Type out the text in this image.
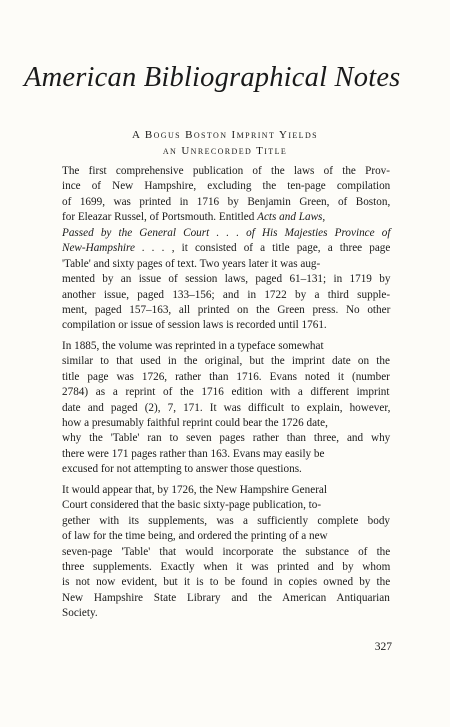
American Bibliographical Notes
A Bogus Boston Imprint Yields
an Unrecorded Title
The first comprehensive publication of the laws of the Prov-
ince of New Hampshire, excluding the ten-page compilation
of 1699, was printed in 1716 by Benjamin Green, of Boston,
for Eleazar Russel, of Portsmouth. Entitled Acts and Laws,
Passed by the General Court . . . of His Majesties Province of
New-Hampshire . . . , it consisted of a title page, a three page
'Table' and sixty pages of text. Two years later it was aug-
mented by an issue of session laws, paged 61–131; in 1719 by
another issue, paged 133–156; and in 1722 by a third supple-
ment, paged 157–163, all printed on the Green press. No other
compilation or issue of session laws is recorded until 1761.
In 1885, the volume was reprinted in a typeface somewhat
similar to that used in the original, but the imprint date on the
title page was 1726, rather than 1716. Evans noted it (number
2784) as a reprint of the 1716 edition with a different imprint
date and paged (2), 7, 171. It was difficult to explain, however,
how a presumably faithful reprint could bear the 1726 date,
why the 'Table' ran to seven pages rather than three, and why
there were 171 pages rather than 163. Evans may easily be
excused for not attempting to answer those questions.
It would appear that, by 1726, the New Hampshire General
Court considered that the basic sixty-page publication, to-
gether with its supplements, was a sufficiently complete body
of law for the time being, and ordered the printing of a new
seven-page 'Table' that would incorporate the substance of the
three supplements. Exactly when it was printed and by whom
is not now evident, but it is to be found in copies owned by the
New Hampshire State Library and the American Antiquarian
Society.
327
